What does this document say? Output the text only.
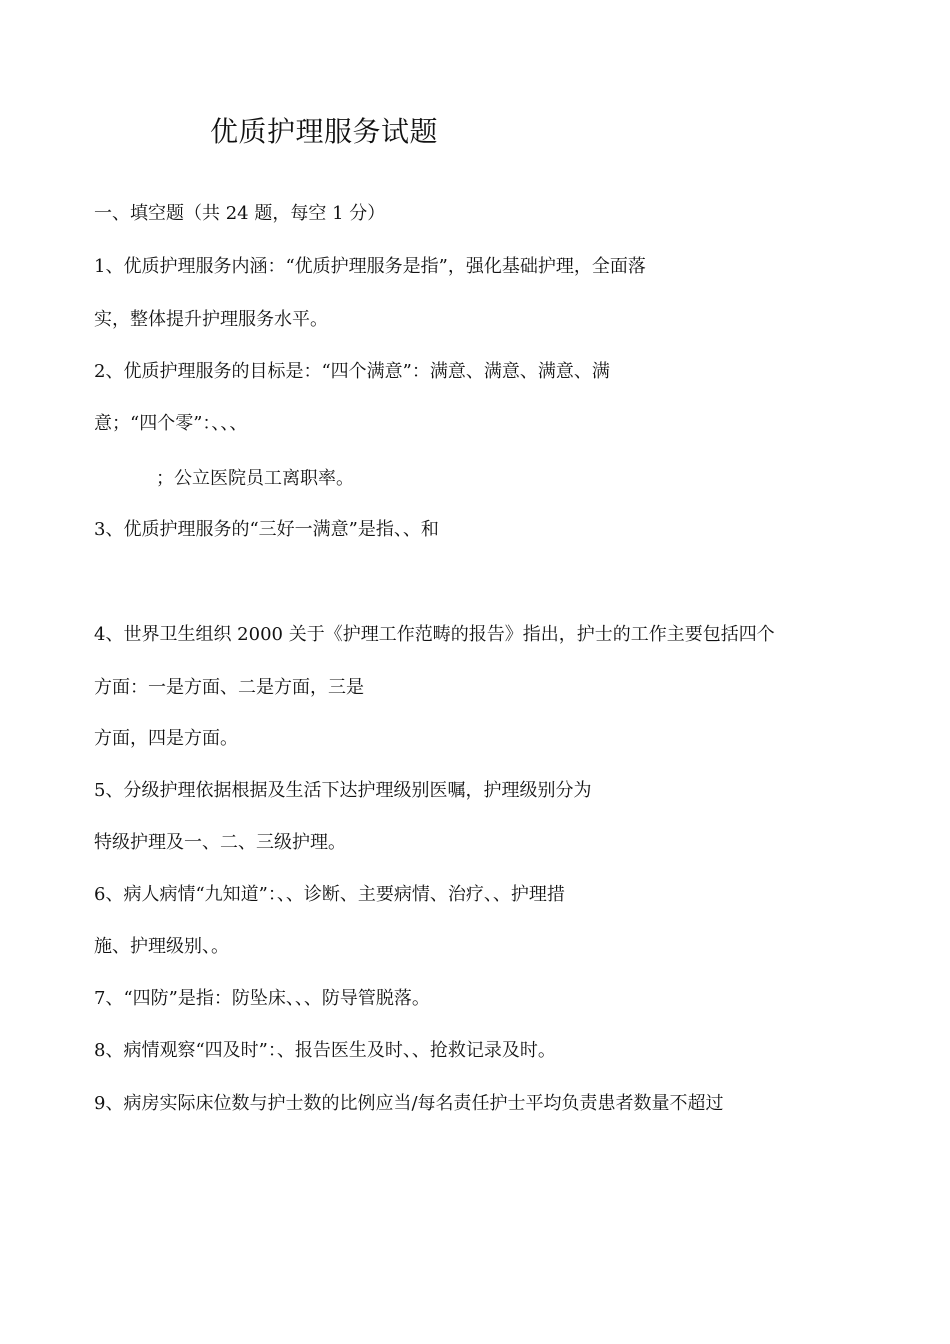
优质护理服务试题
一、填空题（共 24 题，每空 1 分）
1、优质护理服务内涵：“优质护理服务是指”，强化基础护理，全面落
实，整体提升护理服务水平。
2、优质护理服务的目标是：“四个满意”：满意、满意、满意、满
意；“四个零”：、、、
；公立医院员工离职率。
3、优质护理服务的“三好一满意”是指、、和
4、世界卫生组织 2000 关于《护理工作范畴的报告》指出，护士的工作主要包括四个
方面：一是方面、二是方面，三是
方面，四是方面。
5、分级护理依据根据及生活下达护理级别医嘱，护理级别分为
特级护理及一、二、三级护理。
6、病人病情“九知道”：、、诊断、主要病情、治疗、、护理措
施、护理级别、。
7、“四防”是指：防坠床、、、防导管脱落。
8、病情观察“四及时”：、报告医生及时、、抢救记录及时。
9、病房实际床位数与护士数的比例应当/每名责任护士平均负责患者数量不超过
